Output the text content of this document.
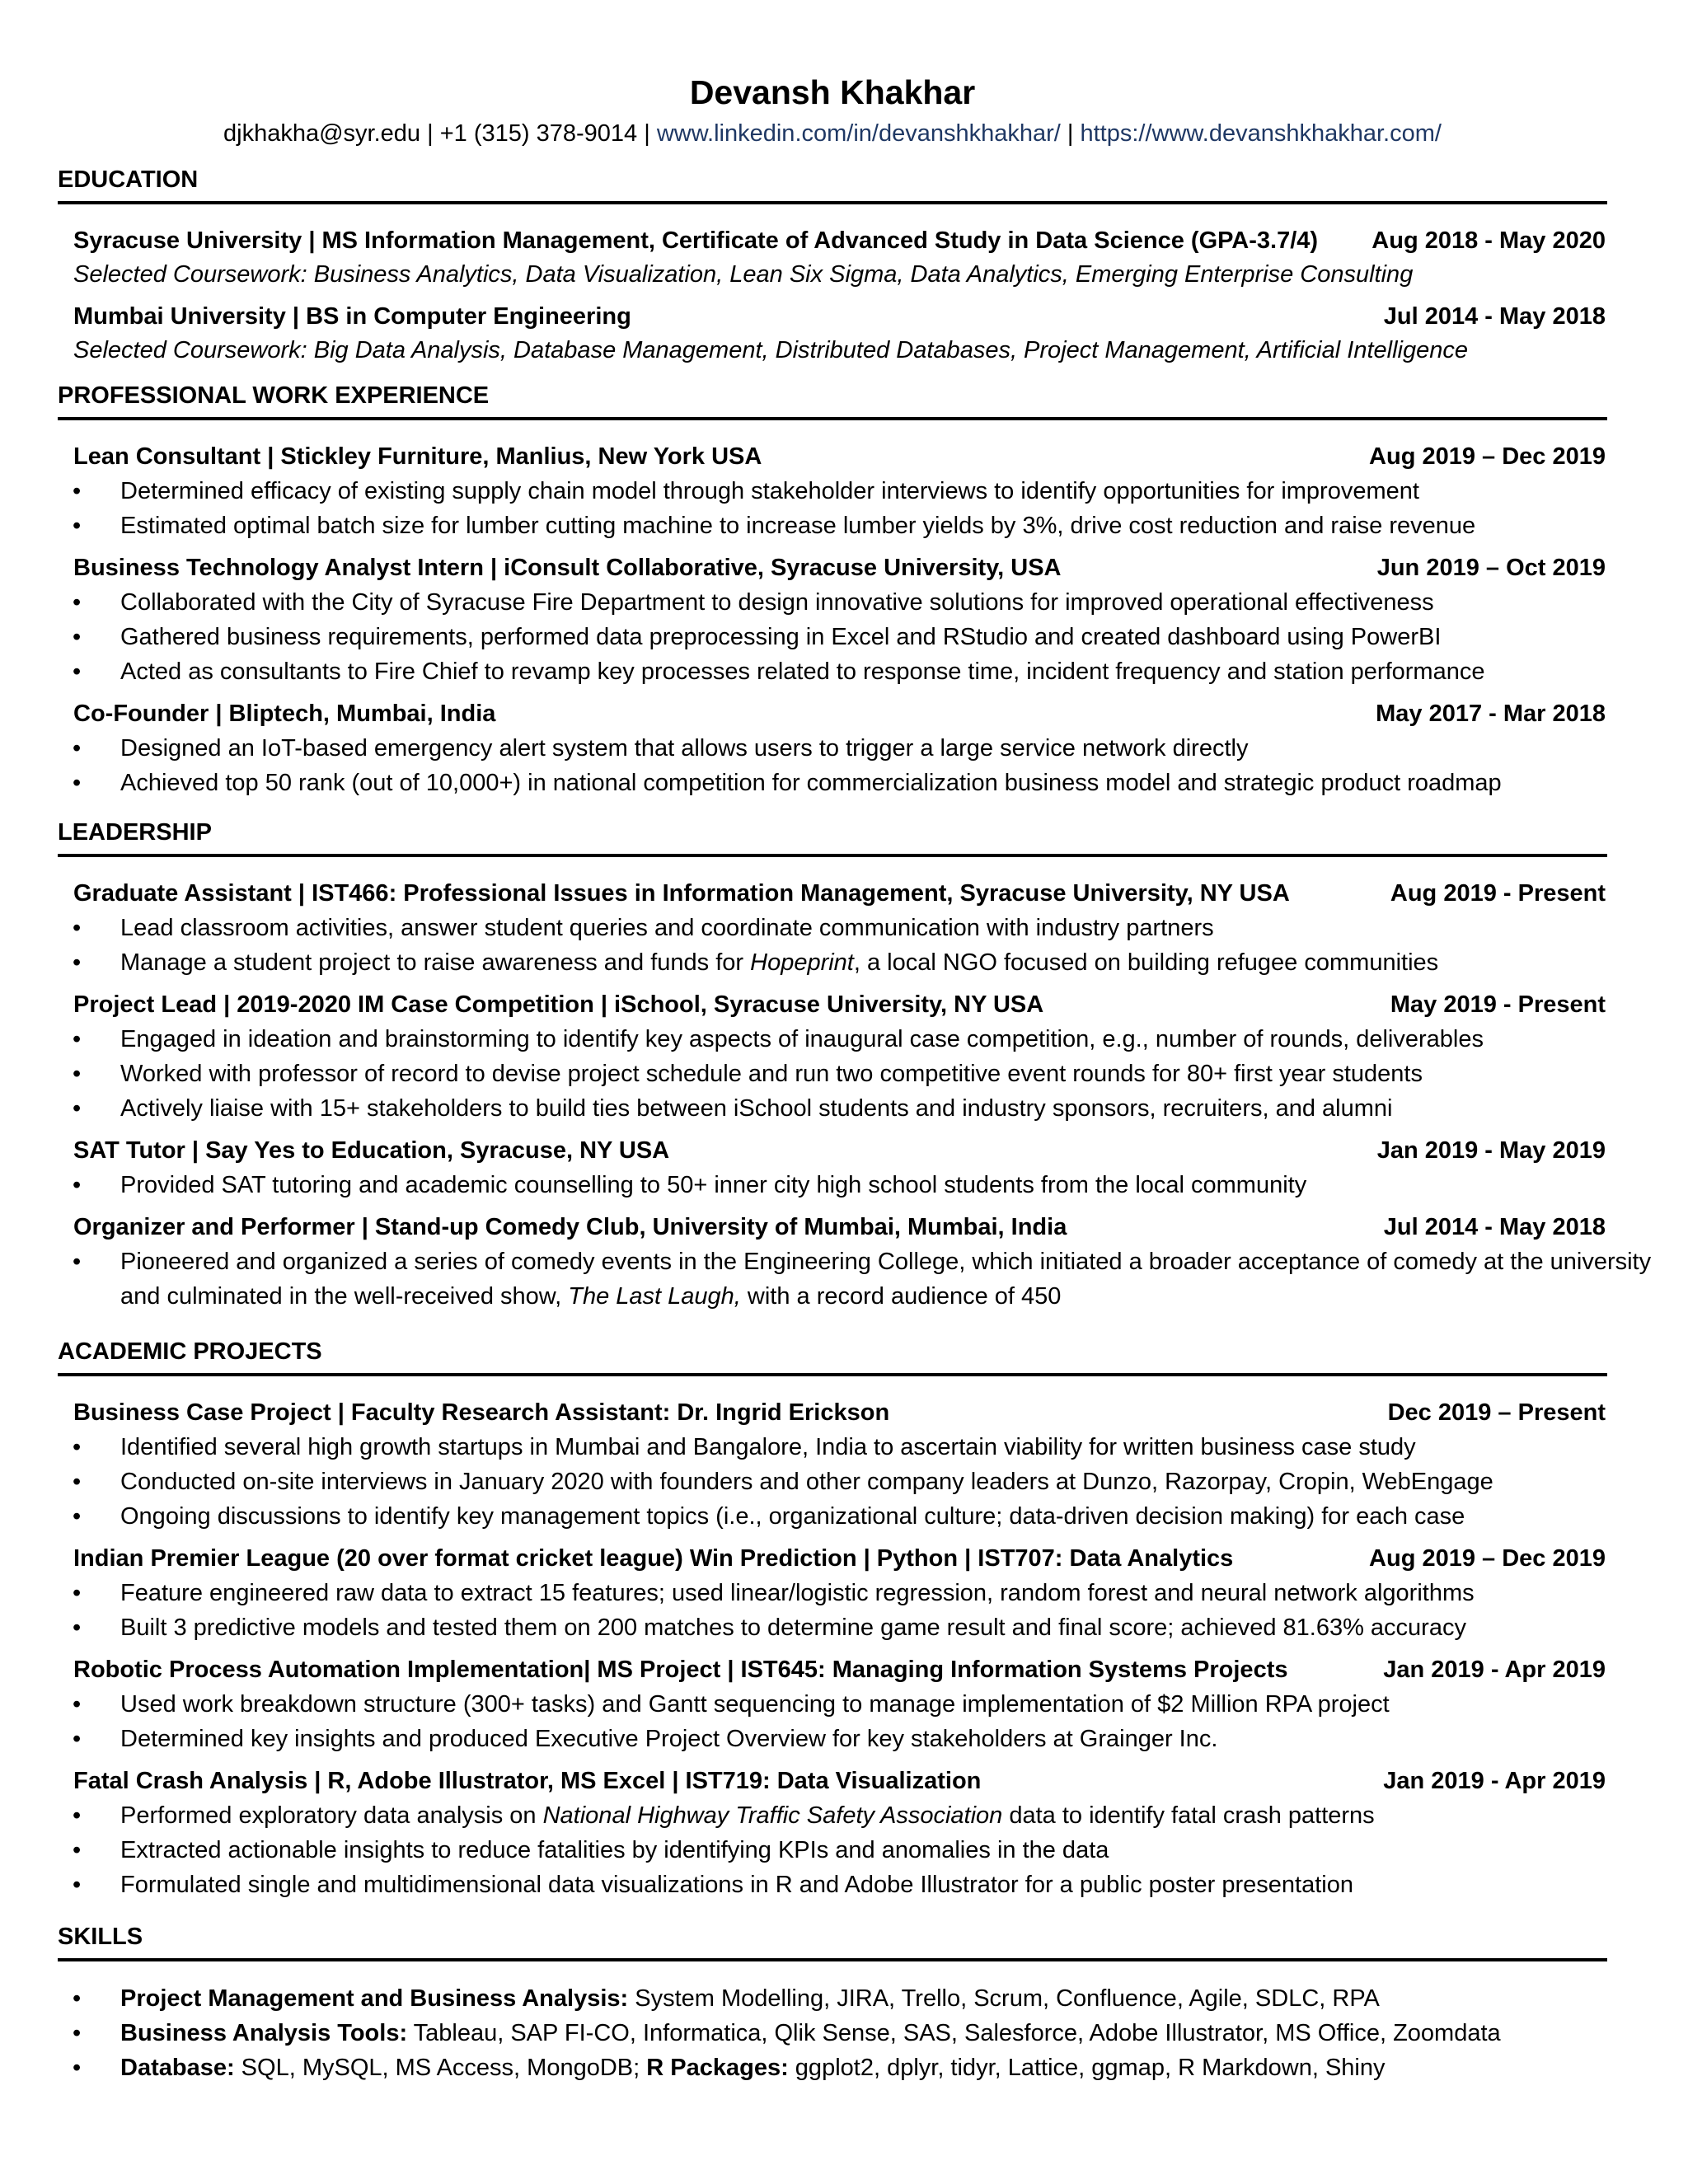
Devansh Khakhar
djkhakha@syr.edu | +1 (315) 378-9014 | www.linkedin.com/in/devanshkhakhar/ | https://www.devanshkhakhar.com/
EDUCATION
Syracuse University | MS Information Management, Certificate of Advanced Study in Data Science (GPA-3.7/4) Aug 2018 - May 2020
Selected Coursework: Business Analytics, Data Visualization, Lean Six Sigma, Data Analytics, Emerging Enterprise Consulting
Mumbai University | BS in Computer Engineering	Jul 2014 - May 2018
Selected Coursework: Big Data Analysis, Database Management, Distributed Databases, Project Management, Artificial Intelligence
PROFESSIONAL WORK EXPERIENCE
Lean Consultant | Stickley Furniture, Manlius, New York USA	Aug 2019 – Dec 2019
• Determined efficacy of existing supply chain model through stakeholder interviews to identify opportunities for improvement
• Estimated optimal batch size for lumber cutting machine to increase lumber yields by 3%, drive cost reduction and raise revenue
Business Technology Analyst Intern | iConsult Collaborative, Syracuse University, USA	Jun 2019 – Oct 2019
• Collaborated with the City of Syracuse Fire Department to design innovative solutions for improved operational effectiveness
• Gathered business requirements, performed data preprocessing in Excel and RStudio and created dashboard using PowerBI
• Acted as consultants to Fire Chief to revamp key processes related to response time, incident frequency and station performance
Co-Founder | Bliptech, Mumbai, India	May 2017 - Mar 2018
• Designed an IoT-based emergency alert system that allows users to trigger a large service network directly
• Achieved top 50 rank (out of 10,000+) in national competition for commercialization business model and strategic product roadmap
LEADERSHIP
Graduate Assistant | IST466: Professional Issues in Information Management, Syracuse University, NY USA	Aug 2019 - Present
• Lead classroom activities, answer student queries and coordinate communication with industry partners
• Manage a student project to raise awareness and funds for Hopeprint, a local NGO focused on building refugee communities
Project Lead | 2019-2020 IM Case Competition | iSchool, Syracuse University, NY USA	May 2019 - Present
• Engaged in ideation and brainstorming to identify key aspects of inaugural case competition, e.g., number of rounds, deliverables
• Worked with professor of record to devise project schedule and run two competitive event rounds for 80+ first year students
• Actively liaise with 15+ stakeholders to build ties between iSchool students and industry sponsors, recruiters, and alumni
SAT Tutor | Say Yes to Education, Syracuse, NY USA	Jan 2019 - May 2019
• Provided SAT tutoring and academic counselling to 50+ inner city high school students from the local community
Organizer and Performer | Stand-up Comedy Club, University of Mumbai, Mumbai, India	Jul 2014 - May 2018
• Pioneered and organized a series of comedy events in the Engineering College, which initiated a broader acceptance of comedy at the university and culminated in the well-received show, The Last Laugh, with a record audience of 450
ACADEMIC PROJECTS
Business Case Project | Faculty Research Assistant: Dr. Ingrid Erickson	Dec 2019 – Present
• Identified several high growth startups in Mumbai and Bangalore, India to ascertain viability for written business case study
• Conducted on-site interviews in January 2020 with founders and other company leaders at Dunzo, Razorpay, Cropin, WebEngage
• Ongoing discussions to identify key management topics (i.e., organizational culture; data-driven decision making) for each case
Indian Premier League (20 over format cricket league) Win Prediction | Python | IST707: Data Analytics	Aug 2019 – Dec 2019
• Feature engineered raw data to extract 15 features; used linear/logistic regression, random forest and neural network algorithms
• Built 3 predictive models and tested them on 200 matches to determine game result and final score; achieved 81.63% accuracy
Robotic Process Automation Implementation| MS Project | IST645: Managing Information Systems Projects	Jan 2019 - Apr 2019
• Used work breakdown structure (300+ tasks) and Gantt sequencing to manage implementation of $2 Million RPA project
• Determined key insights and produced Executive Project Overview for key stakeholders at Grainger Inc.
Fatal Crash Analysis | R, Adobe Illustrator, MS Excel | IST719: Data Visualization	Jan 2019 - Apr 2019
• Performed exploratory data analysis on National Highway Traffic Safety Association data to identify fatal crash patterns
• Extracted actionable insights to reduce fatalities by identifying KPIs and anomalies in the data
• Formulated single and multidimensional data visualizations in R and Adobe Illustrator for a public poster presentation
SKILLS
• Project Management and Business Analysis: System Modelling, JIRA, Trello, Scrum, Confluence, Agile, SDLC, RPA
• Business Analysis Tools: Tableau, SAP FI-CO, Informatica, Qlik Sense, SAS, Salesforce, Adobe Illustrator, MS Office, Zoomdata
• Database: SQL, MySQL, MS Access, MongoDB; R Packages: ggplot2, dplyr, tidyr, Lattice, ggmap, R Markdown, Shiny
